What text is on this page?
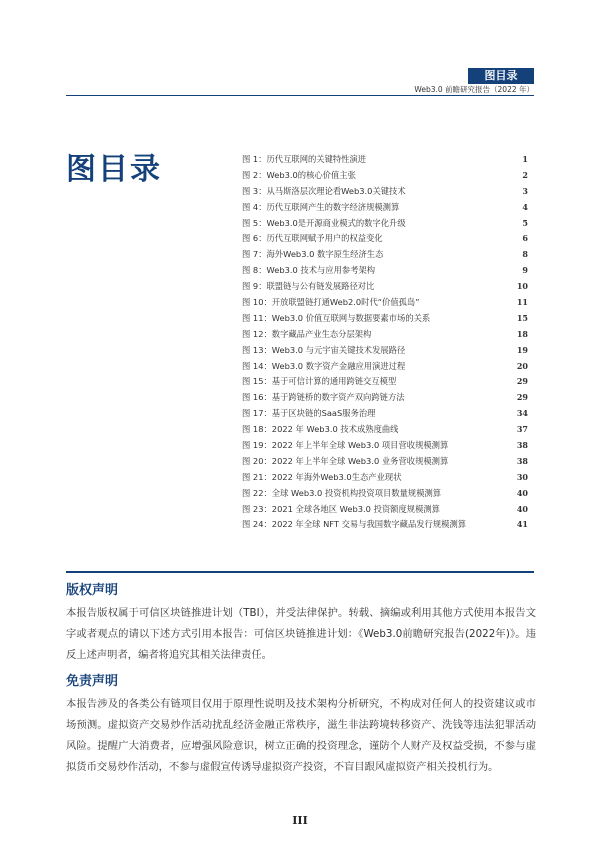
图目录
Web3.0 前瞻研究报告（2022 年）
图目录	图 1：历代互联网的关键特性演进	1
图 2：Web3.0的核心价值主张	2
图 3：从马斯洛层次理论看Web3.0关键技术	3
图 4：历代互联网产生的数字经济规模测算	4
图 5：Web3.0是开源商业模式的数字化升级	5
图 6：历代互联网赋予用户的权益变化	6
图 7：海外Web3.0 数字原生经济生态	8
图 8：Web3.0 技术与应用参考架构	9
图 9：联盟链与公有链发展路径对比	10
图 10：开放联盟链打通Web2.0时代“价值孤岛”	11
图 11：Web3.0 价值互联网与数据要素市场的关系	15
图 12：数字藏品产业生态分层架构	18
图 13：Web3.0 与元宇宙关键技术发展路径	19
图 14：Web3.0 数字资产金融应用演进过程	20
图 15：基于可信计算的通用跨链交互模型	29
图 16：基于跨链桥的数字资产双向跨链方法	29
图 17：基于区块链的SaaS服务治理	34
图 18：2022 年 Web3.0 技术成熟度曲线	37
图 19：2022 年上半年全球 Web3.0 项目营收规模测算	38
图 20：2022 年上半年全球 Web3.0 业务营收规模测算	38
图 21：2022 年海外Web3.0生态产业现状	30
图 22：全球 Web3.0 投资机构投资项目数量规模测算	40
图 23：2021 全球各地区 Web3.0 投资额度规模测算	40
图 24：2022 年全球 NFT 交易与我国数字藏品发行规模测算	41
版权声明

本报告版权属于可信区块链推进计划（TBI），并受法律保护。转载、摘编或利用其他方式使用本报告文字或者观点的请以下述方式引用本报告：可信区块链推进计划：《Web3.0前瞻研究报告(2022年)》。违反上述声明者，编者将追究其相关法律责任。

免责声明

本报告涉及的各类公有链项目仅用于原理性说明及技术架构分析研究，不构成对任何人的投资建议或市场预测。虚拟资产交易炒作活动扰乱经济金融正常秩序，滋生非法跨境转移资产、洗钱等违法犯罪活动风险。提醒广大消费者，应增强风险意识，树立正确的投资理念，谨防个人财产及权益受损，不参与虚拟货币交易炒作活动，不参与虚假宣传诱导虚拟资产投资，不盲目跟风虚拟资产相关投机行为。

III
